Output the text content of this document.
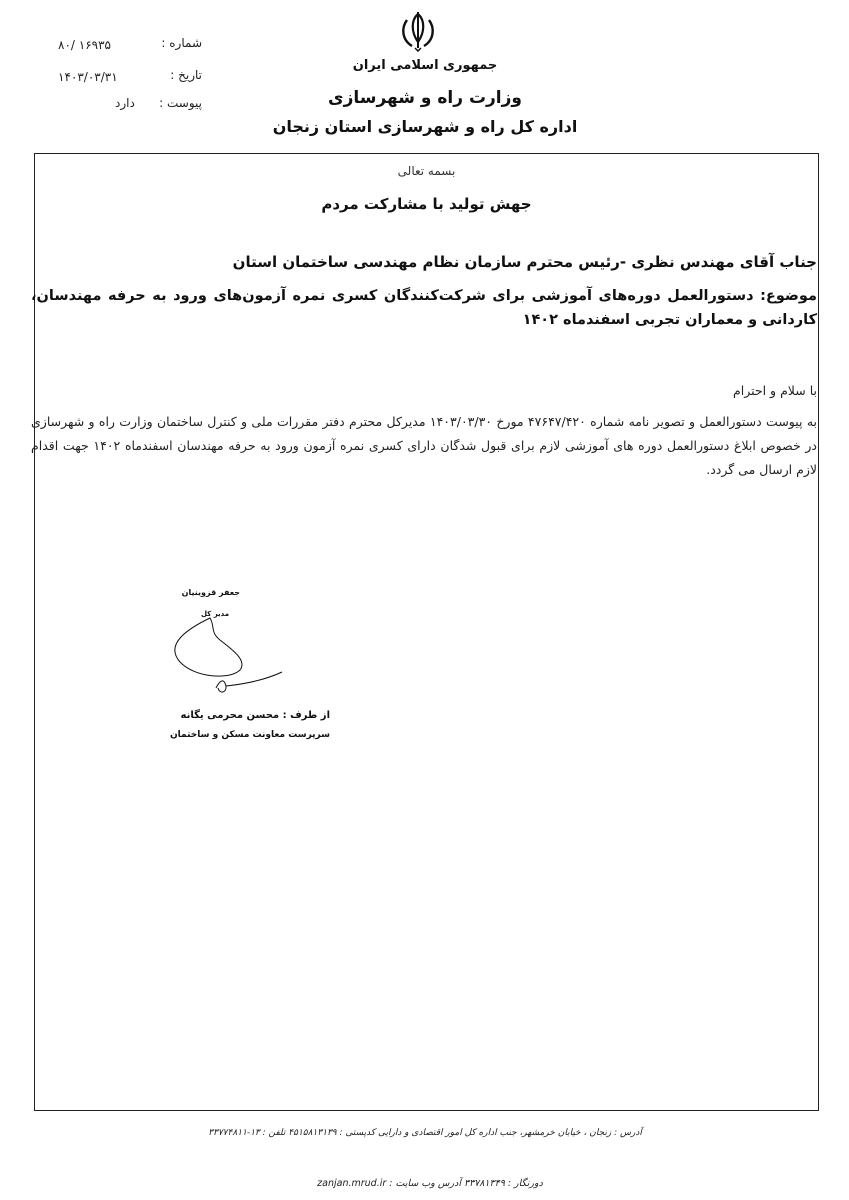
جمهوری اسلامی ایران
وزارت راه و شهرسازی
اداره کل راه و شهرسازی استان زنجان
شماره :
۸۰/ ۱۶۹۳۵
تاریخ :
۱۴۰۳/۰۳/۳۱
پیوست :
دارد
بسمه تعالی
جهش تولید با مشارکت مردم
جناب آقای مهندس نظری -رئیس محترم سازمان نظام مهندسی ساختمان استان
موضوع: دستورالعمل دوره‌های آموزشی برای شرکت‌کنندگان کسری نمره آزمون‌های ورود به حرفه مهندسان، کاردانی و معماران تجربی اسفندماه ۱۴۰۲
با سلام و احترام
به پیوست دستورالعمل و تصویر نامه شماره ۴۷۶۴۷/۴۲۰ مورخ ۱۴۰۳/۰۳/۳۰ مدیرکل محترم دفتر مقررات ملی و کنترل ساختمان وزارت راه و شهرسازی در خصوص ابلاغ دستورالعمل دوره های آموزشی لازم برای قبول شدگان دارای کسری نمره آزمون ورود به حرفه مهندسان اسفندماه ۱۴۰۲ جهت اقدام لازم ارسال می گردد.
جعفر قزوینیان
مدیر کل
از طرف : محسن محرمی یگانه
سرپرست معاونت مسکن و ساختمان
آدرس : زنجان ، خیابان خرمشهر، جنب اداره کل امور اقتصادی و دارایی کدپستی : ۴۵۱۵۸۱۳۱۳۹ تلفن : ۱۳-۳۳۷۷۴۸۱۱
دورنگار : ۳۳۷۸۱۳۴۹ آدرس وب سایت : zanjan.mrud.ir
